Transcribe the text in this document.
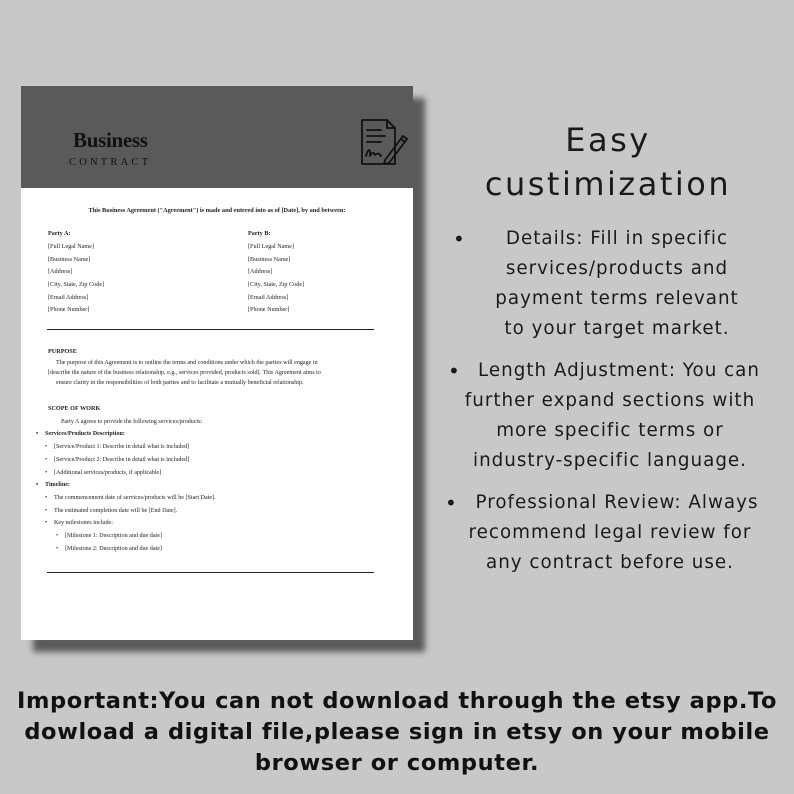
Business
CONTRACT
This Business Agreement ("Agreement") is made and entered into as of [Date], by and between:
Party A:
[Full Legal Name]
[Business Name]
[Address]
[City, State, Zip Code]
[Email Address]
[Phone Number]
Party B:
[Full Legal Name]
[Business Name]
[Address]
[City, State, Zip Code]
[Email Address]
[Phone Number]
PURPOSE
The purpose of this Agreement is to outline the terms and conditions under which the parties will engage in
[describe the nature of the business relationship, e.g., services provided, products sold]. This Agreement aims to
ensure clarity in the responsibilities of both parties and to facilitate a mutually beneficial relationship.
SCOPE OF WORK
Party A agrees to provide the following services/products:
• Services/Products Description:
• [Service/Product 1: Describe in detail what is included]
• [Service/Product 2: Describe in detail what is included]
• [Additional services/products, if applicable]
• Timeline:
• The commencement date of services/products will be [Start Date].
• The estimated completion date will be [End Date].
• Key milestones include:
• [Milestone 1: Description and due date]
• [Milestone 2: Description and due date]
Easy
custimization
•	Details: Fill in specific
services/products and
payment terms relevant
to your target market.
• Length Adjustment: You can
further expand sections with
more specific terms or
industry-specific language.
• Professional Review: Always
recommend legal review for
any contract before use.
Important:You can not download through the etsy app.To
dowload a digital file,please sign in etsy on your mobile
browser or computer.
